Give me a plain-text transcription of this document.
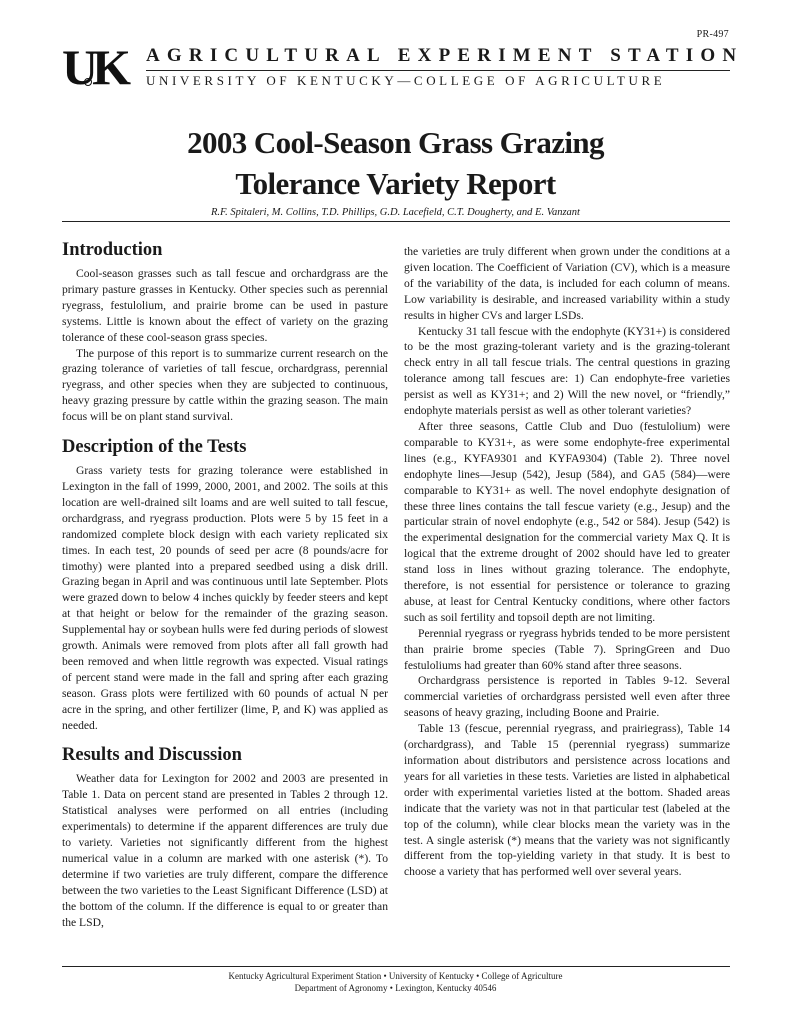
PR-497
UK	AGRICULTURAL EXPERIMENT STATION
UNIVERSITY OF KENTUCKY—COLLEGE OF AGRICULTURE
2003 Cool-Season Grass Grazing
Tolerance Variety Report
R.F. Spitaleri, M. Collins, T.D. Phillips, G.D. Lacefield, C.T. Dougherty, and E. Vanzant
Introduction

Cool-season grasses such as tall fescue and orchardgrass are the primary pasture grasses in Kentucky. Other species such as perennial ryegrass, festulolium, and prairie brome can be used in pasture systems. Little is known about the effect of variety on the grazing tolerance of these cool-season grass species.

The purpose of this report is to summarize current research on the grazing tolerance of varieties of tall fescue, orchardgrass, perennial ryegrass, and other species when they are subjected to continuous, heavy grazing pressure by cattle within the grazing season. The main focus will be on plant stand survival.

Description of the Tests

Grass variety tests for grazing tolerance were established in Lexington in the fall of 1999, 2000, 2001, and 2002. The soils at this location are well-drained silt loams and are well suited to tall fescue, orchardgrass, and ryegrass production. Plots were 5 by 15 feet in a randomized complete block design with each variety replicated six times. In each test, 20 pounds of seed per acre (8 pounds/acre for timothy) were planted into a prepared seedbed using a disk drill. Grazing began in April and was continuous until late September. Plots were grazed down to below 4 inches quickly by feeder steers and kept at that height or below for the remainder of the grazing season. Supplemental hay or soybean hulls were fed during periods of slowest growth. Animals were removed from plots after all fall growth had been removed and when little regrowth was expected. Visual ratings of percent stand were made in the fall and spring after each grazing season. Grass plots were fertilized with 60 pounds of actual N per acre in the spring, and other fertilizer (lime, P, and K) was applied as needed.

Results and Discussion

Weather data for Lexington for 2002 and 2003 are presented in Table 1. Data on percent stand are presented in Tables 2 through 12. Statistical analyses were performed on all entries (including experimentals) to determine if the apparent differences are truly due to variety. Varieties not significantly different from the highest numerical value in a column are marked with one asterisk (*). To determine if two varieties are truly different, compare the difference between the two varieties to the Least Significant Difference (LSD) at the bottom of the column. If the difference is equal to or greater than the LSD,

the varieties are truly different when grown under the conditions at a given location. The Coefficient of Variation (CV), which is a measure of the variability of the data, is included for each column of means. Low variability is desirable, and increased variability within a study results in higher CVs and larger LSDs.

Kentucky 31 tall fescue with the endophyte (KY31+) is considered to be the most grazing-tolerant variety and is the grazing-tolerant check entry in all tall fescue trials. The central questions in grazing tolerance among tall fescues are: 1) Can endophyte-free varieties persist as well as KY31+; and 2) Will the new novel, or “friendly,” endophyte materials persist as well as other tolerant varieties?

After three seasons, Cattle Club and Duo (festulolium) were comparable to KY31+, as were some endophyte-free experimental lines (e.g., KYFA9301 and KYFA9304) (Table 2). Three novel endophyte lines—Jesup (542), Jesup (584), and GA5 (584)—were comparable to KY31+ as well. The novel endophyte designation of these three lines contains the tall fescue variety (e.g., Jesup) and the particular strain of novel endophyte (e.g., 542 or 584). Jesup (542) is the experimental designation for the commercial variety Max Q. It is logical that the extreme drought of 2002 should have led to greater stand loss in lines without grazing tolerance. The endophyte, therefore, is not essential for persistence or tolerance to grazing abuse, at least for Central Kentucky conditions, where other factors such as soil fertility and topsoil depth are not limiting.

Perennial ryegrass or ryegrass hybrids tended to be more persistent than prairie brome species (Table 7). SpringGreen and Duo festuloliums had greater than 60% stand after three seasons.

Orchardgrass persistence is reported in Tables 9-12. Several commercial varieties of orchardgrass persisted well even after three seasons of heavy grazing, including Boone and Prairie.

Table 13 (fescue, perennial ryegrass, and prairiegrass), Table 14 (orchardgrass), and Table 15 (perennial ryegrass) summarize information about distributors and persistence across locations and years for all varieties in these tests. Varieties are listed in alphabetical order with experimental varieties listed at the bottom. Shaded areas indicate that the variety was not in that particular test (labeled at the top of the column), while clear blocks mean the variety was in the test. A single asterisk (*) means that the variety was not significantly different from the top-yielding variety in that study. It is best to choose a variety that has performed well over several years.

Kentucky Agricultural Experiment Station • University of Kentucky • College of Agriculture
Department of Agronomy • Lexington, Kentucky 40546
